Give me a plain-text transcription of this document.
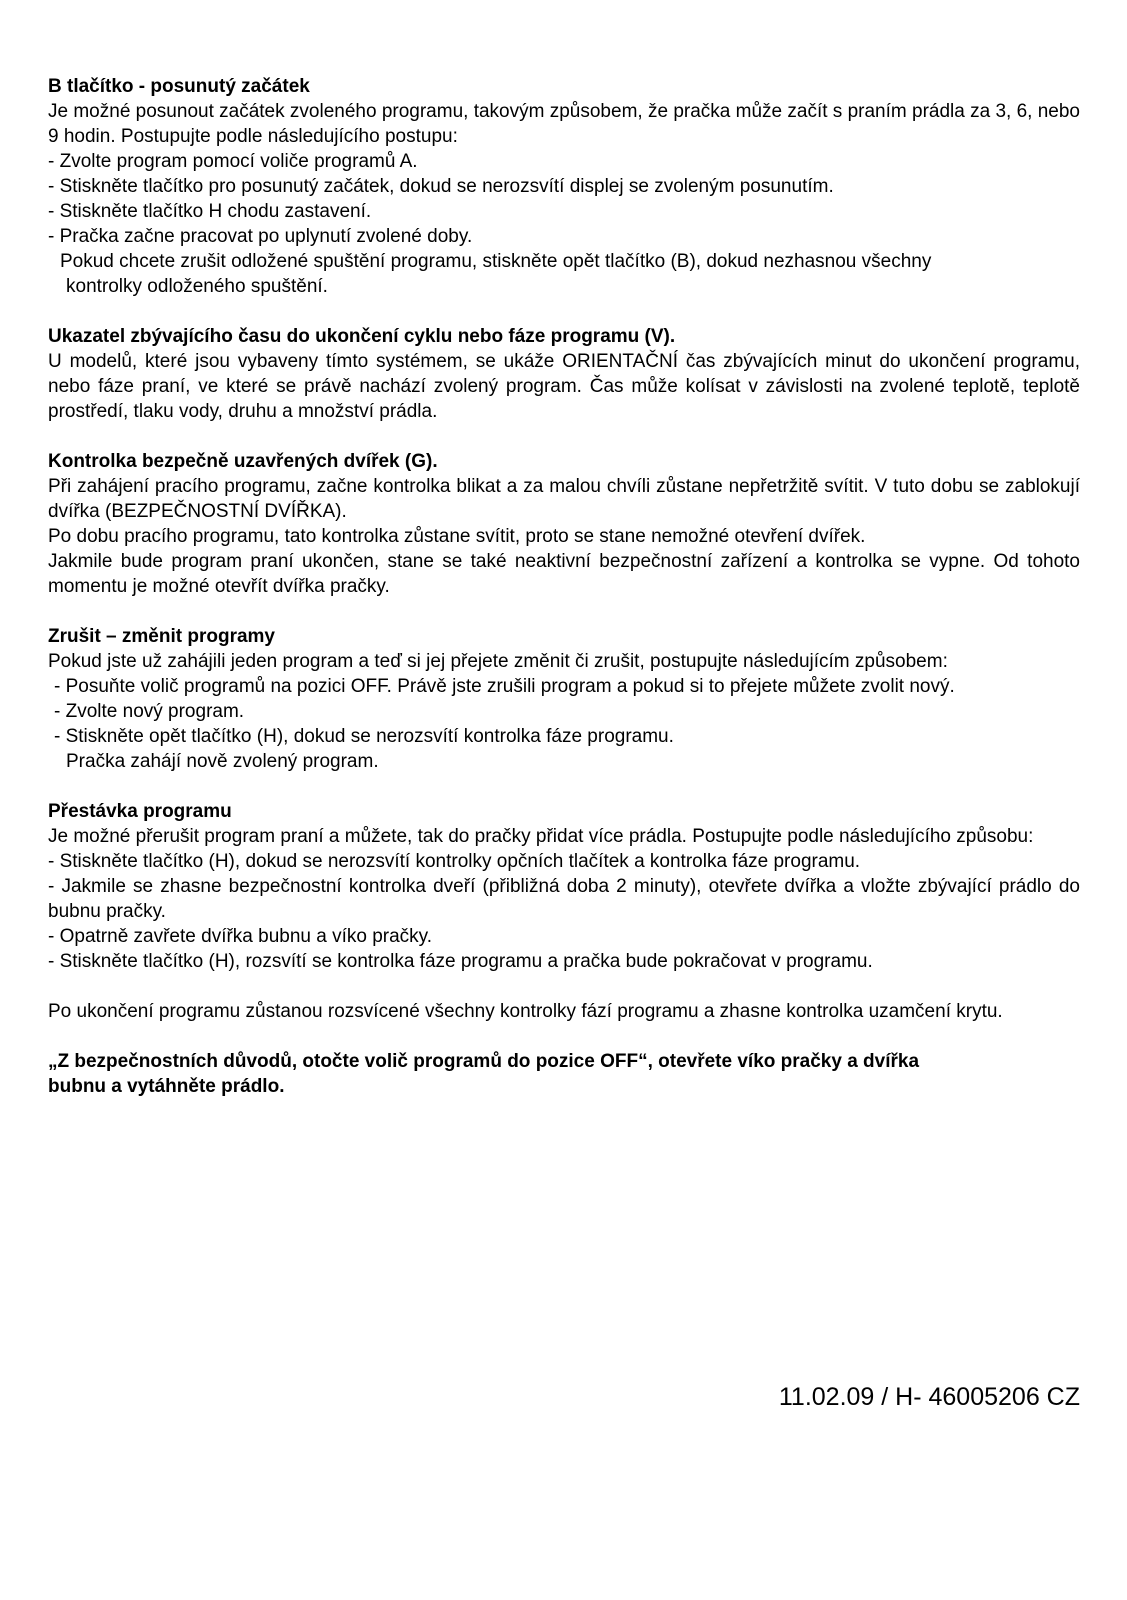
B tlačítko - posunutý začátek

Je možné posunout začátek zvoleného programu, takovým způsobem, že pračka může začít s praním prádla za 3, 6, nebo 9 hodin. Postupujte podle následujícího postupu:

- Zvolte program pomocí voliče programů A.

- Stiskněte tlačítko pro posunutý začátek, dokud se nerozsvítí displej se zvoleným posunutím.

- Stiskněte tlačítko H chodu zastavení.

- Pračka začne pracovat po uplynutí zvolené doby.

Pokud chcete zrušit odložené spuštění programu, stiskněte opět tlačítko (B), dokud nezhasnou všechny

kontrolky odloženého spuštění.

Ukazatel zbývajícího času do ukončení cyklu nebo fáze programu (V).

U modelů, které jsou vybaveny tímto systémem, se ukáže ORIENTAČNÍ čas zbývajících minut do ukončení programu, nebo fáze praní, ve které se právě nachází zvolený program. Čas může kolísat v závislosti na zvolené teplotě, teplotě prostředí, tlaku vody, druhu a množství prádla.

Kontrolka bezpečně uzavřených dvířek (G).

Při zahájení pracího programu, začne kontrolka blikat a za malou chvíli zůstane nepřetržitě svítit. V tuto dobu se zablokují dvířka (BEZPEČNOSTNÍ DVÍŘKA).

Po dobu pracího programu, tato kontrolka zůstane svítit, proto se stane nemožné otevření dvířek.

Jakmile bude program praní ukončen, stane se také neaktivní bezpečnostní zařízení a kontrolka se vypne. Od tohoto momentu je možné otevřít dvířka pračky.

Zrušit – změnit programy

Pokud jste už zahájili jeden program a teď si jej přejete změnit či zrušit, postupujte následujícím způsobem:

- Posuňte volič programů na pozici OFF. Právě jste zrušili program a pokud si to přejete můžete zvolit nový.

- Zvolte nový program.

- Stiskněte opět tlačítko (H), dokud se nerozsvítí kontrolka fáze programu.

Pračka zahájí nově zvolený program.

Přestávka programu

Je možné přerušit program praní a můžete, tak do pračky přidat více prádla. Postupujte podle následujícího způsobu:

- Stiskněte tlačítko (H), dokud se nerozsvítí kontrolky opčních tlačítek a kontrolka fáze programu.

- Jakmile se zhasne bezpečnostní kontrolka dveří (přibližná doba 2 minuty), otevřete dvířka a vložte zbývající prádlo do bubnu pračky.

- Opatrně zavřete dvířka bubnu a víko pračky.

- Stiskněte tlačítko (H), rozsvítí se kontrolka fáze programu a pračka bude pokračovat v programu.

Po ukončení programu zůstanou rozsvícené všechny kontrolky fází programu a zhasne kontrolka uzamčení krytu.

„Z bezpečnostních důvodů, otočte volič programů do pozice OFF“, otevřete víko pračky a dvířka

bubnu a vytáhněte prádlo.

11.02.09 / H- 46005206 CZ
